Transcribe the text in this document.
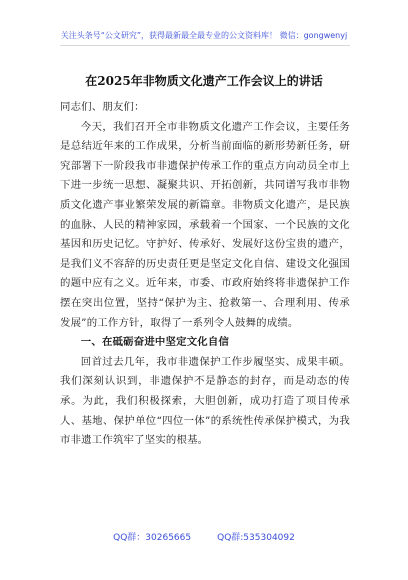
关注头条号“公文研究”，获得最新最全最专业的公文资料库！ 微信：gongwenyj
在2025年非物质文化遗产工作会议上的讲话

同志们、朋友们：

今天，我们召开全市非物质文化遗产工作会议，主要任务是总结近年来的工作成果，分析当前面临的新形势新任务，研究部署下一阶段我市非遗保护传承工作的重点方向动员全市上下进一步统一思想、凝聚共识、开拓创新，共同谱写我市非物质文化遗产事业繁荣发展的新篇章。非物质文化遗产，是民族的血脉、人民的精神家园，承载着一个国家、一个民族的文化基因和历史记忆。守护好、传承好、发展好这份宝贵的遗产，是我们义不容辞的历史责任更是坚定文化自信、建设文化强国的题中应有之义。近年来，市委、市政府始终将非遗保护工作摆在突出位置，坚持“保护为主、抢救第一、合理利用、传承发展”的工作方针，取得了一系列令人鼓舞的成绩。

一、在砥砺奋进中坚定文化自信

回首过去几年，我市非遗保护工作步履坚实、成果丰硕。我们深刻认识到，非遗保护不是静态的封存，而是动态的传承。为此，我们积极探索，大胆创新，成功打造了项目传承人、基地、保护单位“四位一体”的系统性传承保护模式，为我市非遗工作筑牢了坚实的根基。

QQ群：30265665	QQ群:535304092
